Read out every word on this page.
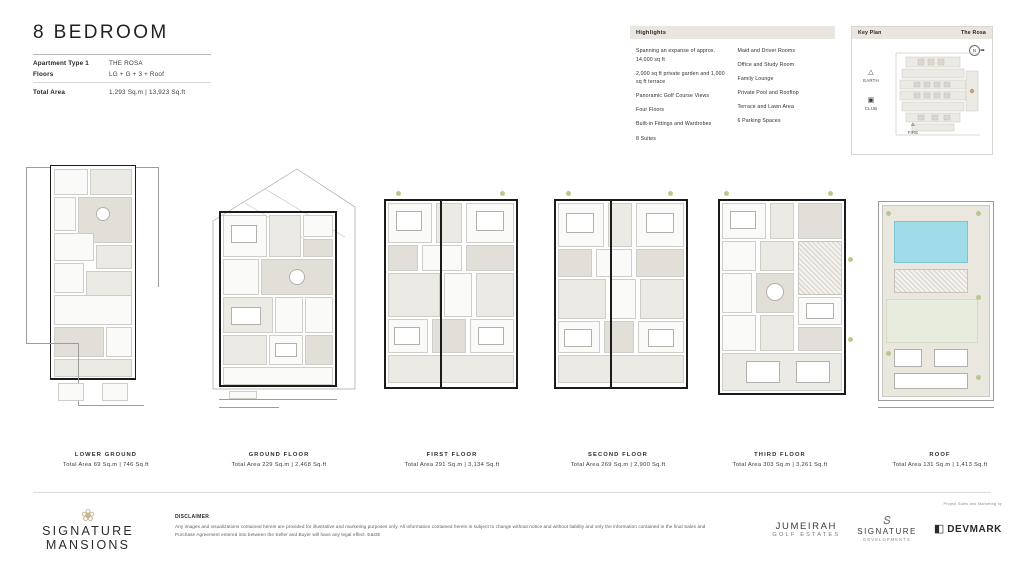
8 BEDROOM
Apartment Type 1	THE ROSA
Floors	LG + G + 3 + Roof
Total Area	1,293 Sq.m | 13,923 Sq.ft
Highlights
Spanning an expanse of approx. 14,000 sq ft
2,000 sq ft private garden and 1,000 sq ft terrace
Panoramic Golf Course Views
Four Floors
Built-in Fittings and Wardrobes
8 Suites
Maid and Driver Rooms
Office and Study Room
Family Lounge
Private Pool and Rooftop
Terrace and Lawn Area
6 Parking Spaces
Key Plan	The Rosa
N ➠
△
EARTH
▣
CLUB
▵
FIRE
LOWER GROUND
Total Area 69 Sq.m | 746 Sq.ft
GROUND FLOOR
Total Area 229 Sq.m | 2,468 Sq.ft
FIRST FLOOR
Total Area 291 Sq.m | 3,134 Sq.ft
SECOND FLOOR
Total Area 269 Sq.m | 2,900 Sq.ft
THIRD FLOOR
Total Area 303 Sq.m | 3,261 Sq.ft
ROOF
Total Area 131 Sq.m | 1,413 Sq.ft
❀
SIGNATURE
MANSIONS
DISCLAIMER
Any images and visualizations contained herein are provided for illustrative and marketing purposes only. All information contained herein is subject to change without notice and without liability and only the information contained in the final Sales and Purchase Agreement entered into between the Seller and Buyer will have any legal effect. E&OE
Project Sales and Marketing by
JUMEIRAH
GOLF ESTATES
𝑆
SIGNATURE
DEVELOPMENTS
◧ DEVMARK
